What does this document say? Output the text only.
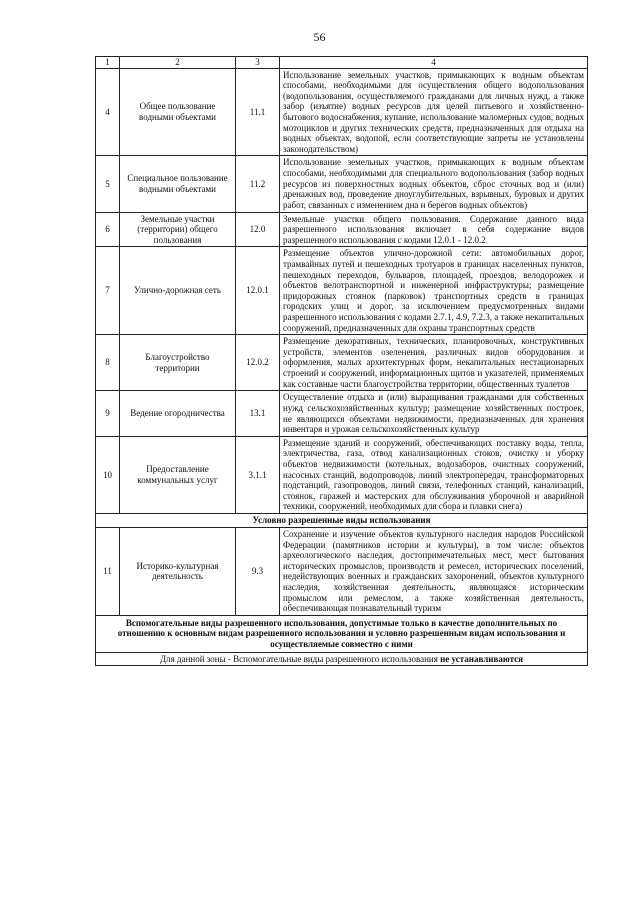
56
1	2	3	4
4	Общее пользование водными объектами	11.1	Использование земельных участков, примыкающих к водным объектам способами, необходимыми для осуществления общего водопользования (водопользования, осуществляемого гражданами для личных нужд, а также забор (изъятие) водных ресурсов для целей питьевого и хозяйственно-бытового водоснабжения, купание, использование маломерных судов, водных мотоциклов и других технических средств, предназначенных для отдыха на водных объектах, водопой, если соответствующие запреты не установлены законодательством)
5	Специальное пользование водными объектами	11.2	Использование земельных участков, примыкающих к водным объектам способами, необходимыми для специального водопользования (забор водных ресурсов из поверхностных водных объектов, сброс сточных вод и (или) дренажных вод, проведение дноуглубительных, взрывных, буровых и других работ, связанных с изменением дна и берегов водных объектов)
6	Земельные участки (территории) общего пользования	12.0	Земельные участки общего пользования. Содержание данного вида разрешенного использования включает в себя содержание видов разрешенного использования с кодами 12.0.1 - 12.0.2
7	Улично-дорожная сеть	12.0.1	Размещение объектов улично-дорожной сети: автомобильных дорог, трамвайных путей и пешеходных тротуаров в границах населенных пунктов, пешеходных переходов, бульваров, площадей, проездов, велодорожек и объектов велотранспортной и инженерной инфраструктуры; размещение придорожных стоянок (парковок) транспортных средств в границах городских улиц и дорог, за исключением предусмотренных видами разрешенного использования с кодами 2.7.1, 4.9, 7.2.3, а также некапитальных сооружений, предназначенных для охраны транспортных средств
8	Благоустройство территории	12.0.2	Размещение декоративных, технических, планировочных, конструктивных устройств, элементов озеленения, различных видов оборудования и оформления, малых архитектурных форм, некапитальных нестационарных строений и сооружений, информационных щитов и указателей, применяемых как составные части благоустройства территории, общественных туалетов
9	Ведение огородничества	13.1	Осуществление отдыха и (или) выращивания гражданами для собственных нужд сельскохозяйственных культур; размещение хозяйственных построек, не являющихся объектами недвижимости, предназначенных для хранения инвентаря и урожая сельскохозяйственных культур
10	Предоставление коммунальных услуг	3.1.1	Размещение зданий и сооружений, обеспечивающих поставку воды, тепла, электричества, газа, отвод канализационных стоков, очистку и уборку объектов недвижимости (котельных, водозаборов, очистных сооружений, насосных станций, водопроводов, линий электропередач, трансформаторных подстанций, газопроводов, линий связи, телефонных станций, канализаций, стоянок, гаражей и мастерских для обслуживания уборочной и аварийной техники, сооружений, необходимых для сбора и плавки снега)
Условно разрешенные виды использования			
11	Историко-культурная деятельность	9.3	Сохранение и изучение объектов культурного наследия народов Российской Федерации (памятников истории и культуры), в том числе: объектов археологического наследия, достопримечательных мест, мест бытования исторических промыслов, производств и ремесел, исторических поселений, недействующих военных и гражданских захоронений, объектов культурного наследия, хозяйственная деятельность, являющаяся историческим промыслом или ремеслом, а также хозяйственная деятельность, обеспечивающая познавательный туризм
Вспомогательные виды разрешенного использования, допустимые только в качестве дополнительных по отношению к основным видам разрешенного использования и условно разрешенным видам использования и осуществляемые совместно с ними			
Для данной зоны - Вспомогательные виды разрешенного использования не устанавливаются			
